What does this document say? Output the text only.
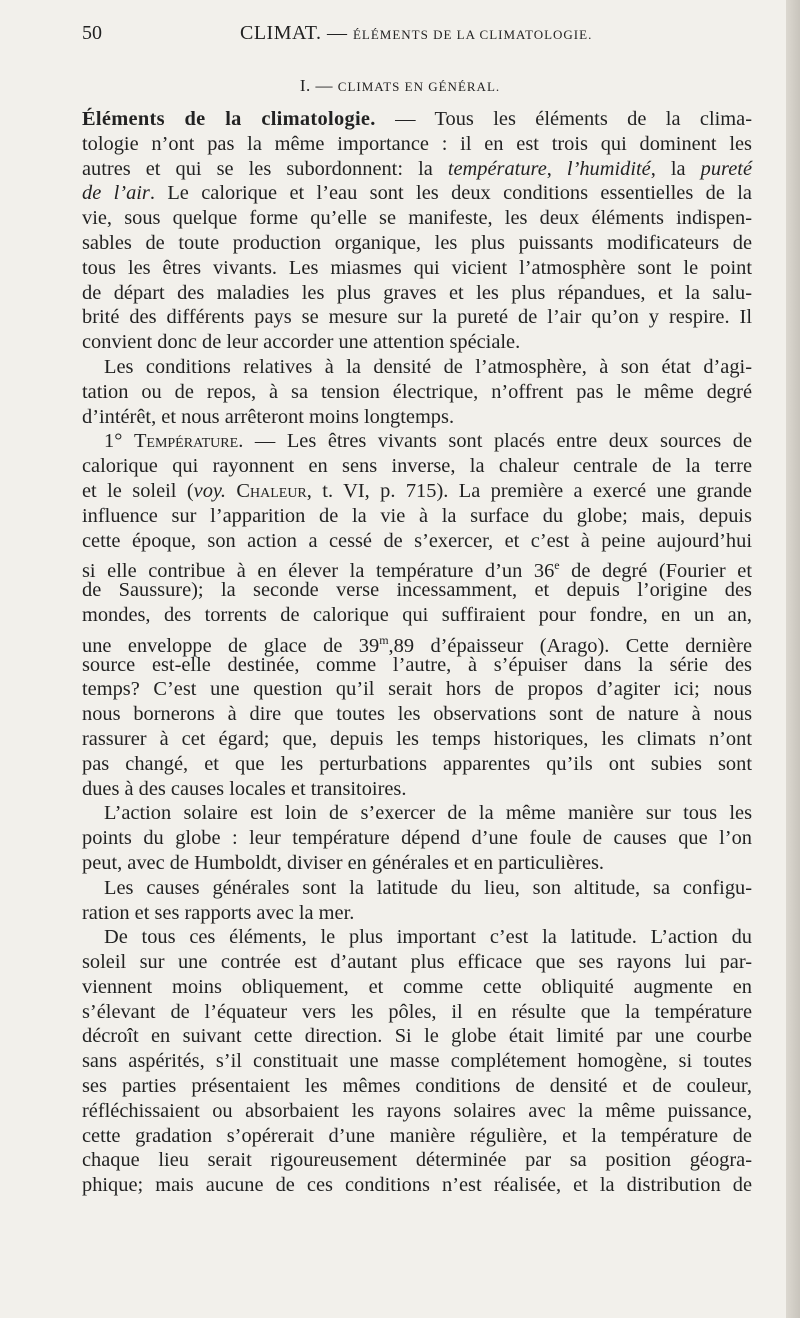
50	CLIMAT. — ÉLÉMENTS DE LA CLIMATOLOGIE.
I. — CLIMATS EN GÉNÉRAL.
Éléments de la climatologie. — Tous les éléments de la clima-
tologie n’ont pas la même importance : il en est trois qui dominent les
autres et qui se les subordonnent: la température, l’humidité, la pureté
de l’air. Le calorique et l’eau sont les deux conditions essentielles de la
vie, sous quelque forme qu’elle se manifeste, les deux éléments indispen-
sables de toute production organique, les plus puissants modificateurs de
tous les êtres vivants. Les miasmes qui vicient l’atmosphère sont le point
de départ des maladies les plus graves et les plus répandues, et la salu-
brité des différents pays se mesure sur la pureté de l’air qu’on y respire. Il
convient donc de leur accorder une attention spéciale.
Les conditions relatives à la densité de l’atmosphère, à son état d’agi-
tation ou de repos, à sa tension électrique, n’offrent pas le même degré
d’intérêt, et nous arrêteront moins longtemps.
1° Température. — Les êtres vivants sont placés entre deux sources de
calorique qui rayonnent en sens inverse, la chaleur centrale de la terre
et le soleil (voy. Chaleur, t. VI, p. 715). La première a exercé une grande
influence sur l’apparition de la vie à la surface du globe; mais, depuis
cette époque, son action a cessé de s’exercer, et c’est à peine aujourd’hui
si elle contribue à en élever la température d’un 36e de degré (Fourier et
de Saussure); la seconde verse incessamment, et depuis l’origine des
mondes, des torrents de calorique qui suffiraient pour fondre, en un an,
une enveloppe de glace de 39$^m$,89 d’épaisseur (Arago). Cette dernière
source est-elle destinée, comme l’autre, à s’épuiser dans la série des
temps? C’est une question qu’il serait hors de propos d’agiter ici; nous
nous bornerons à dire que toutes les observations sont de nature à nous
rassurer à cet égard; que, depuis les temps historiques, les climats n’ont
pas changé, et que les perturbations apparentes qu’ils ont subies sont
dues à des causes locales et transitoires.
L’action solaire est loin de s’exercer de la même manière sur tous les
points du globe : leur température dépend d’une foule de causes que l’on
peut, avec de Humboldt, diviser en générales et en particulières.
Les causes générales sont la latitude du lieu, son altitude, sa configu-
ration et ses rapports avec la mer.
De tous ces éléments, le plus important c’est la latitude. L’action du
soleil sur une contrée est d’autant plus efficace que ses rayons lui par-
viennent moins obliquement, et comme cette obliquité augmente en
s’élevant de l’équateur vers les pôles, il en résulte que la température
décroît en suivant cette direction. Si le globe était limité par une courbe
sans aspérités, s’il constituait une masse complétement homogène, si toutes
ses parties présentaient les mêmes conditions de densité et de couleur,
réfléchissaient ou absorbaient les rayons solaires avec la même puissance,
cette gradation s’opérerait d’une manière régulière, et la température de
chaque lieu serait rigoureusement déterminée par sa position géogra-
phique; mais aucune de ces conditions n’est réalisée, et la distribution de
